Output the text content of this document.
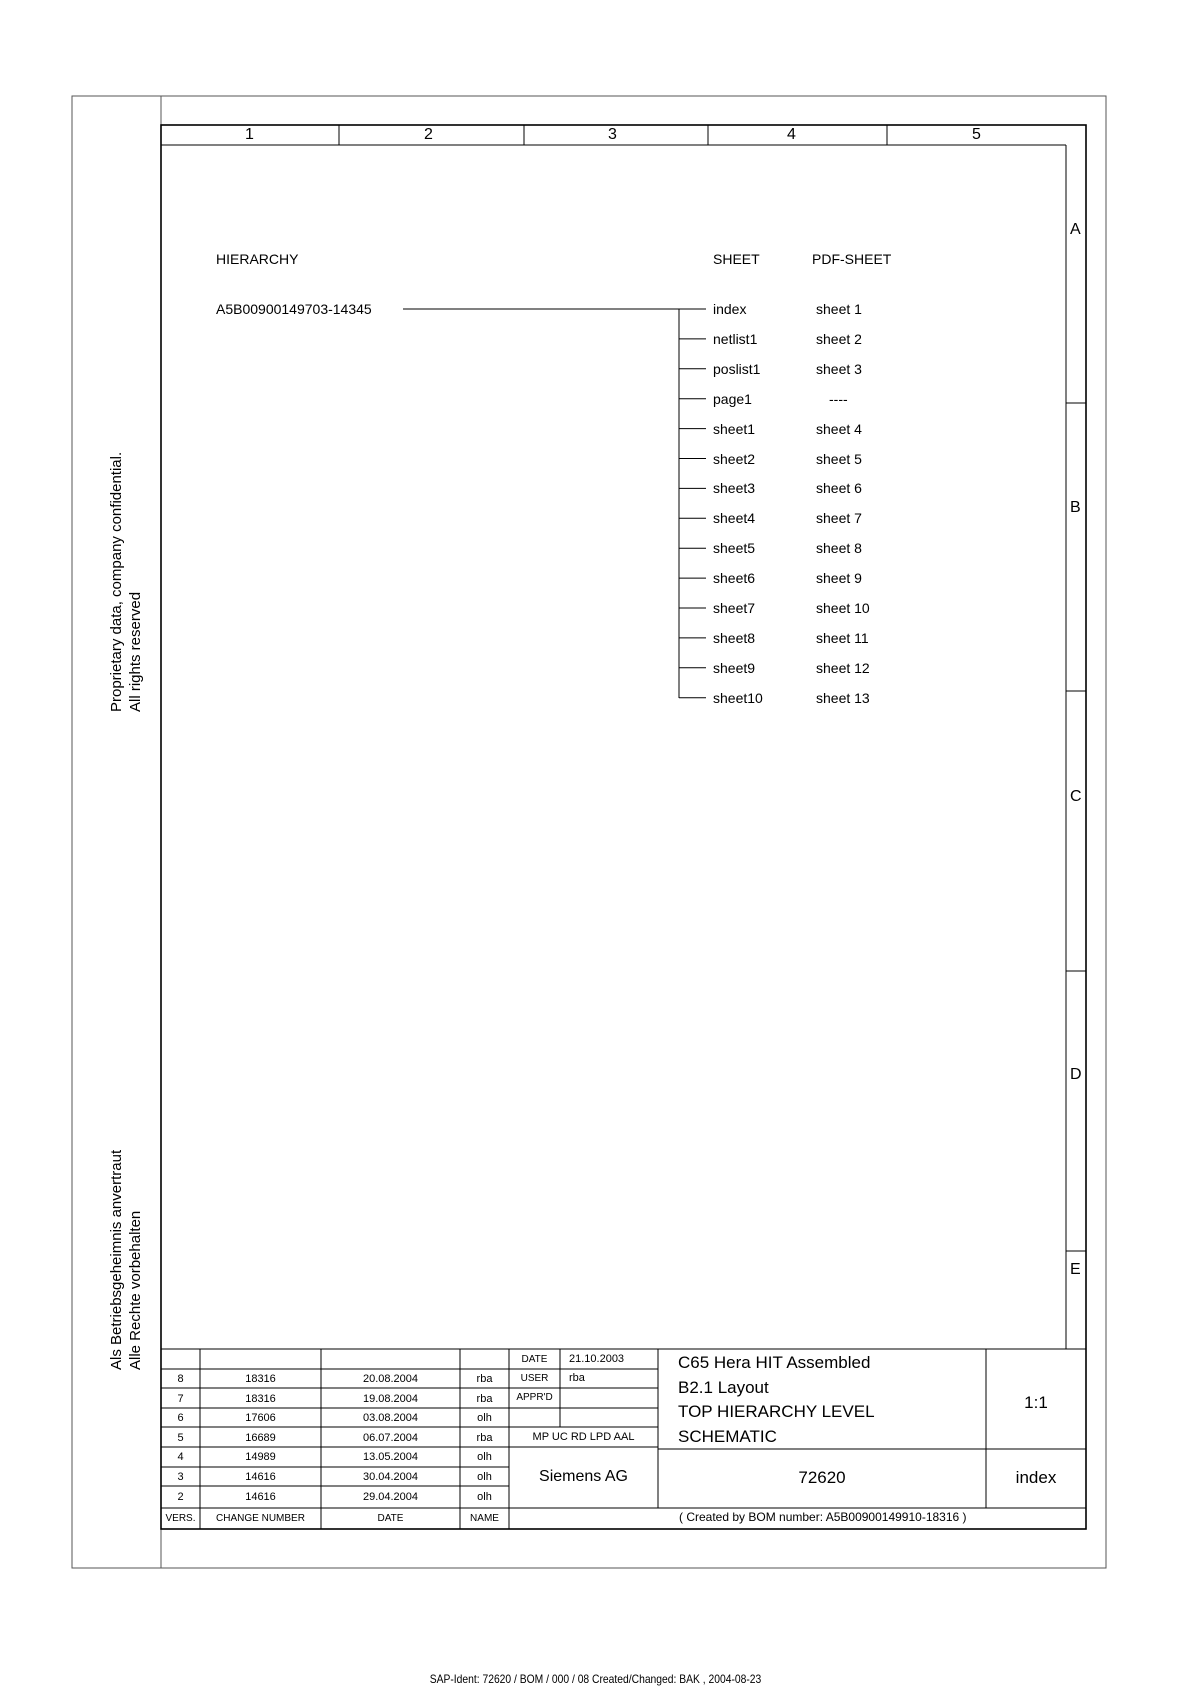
Proprietary data, company confidential. All rights reserved
Als Betriebsgeheimnis anvertraut Alle Rechte vorbehalten
1	2	3	4	5
A
B
C
D
E
HIERARCHY	SHEET	PDF-SHEET
A5B00900149703-14345	index	sheet 1
netlist1	sheet 2
poslist1	sheet 3
page1	----
sheet1	sheet 4
sheet2	sheet 5
sheet3	sheet 6
sheet4	sheet 7
sheet5	sheet 8
sheet6	sheet 9
sheet7	sheet 10
sheet8	sheet 11
sheet9	sheet 12
sheet10	sheet 13
8	18316	20.08.2004	rba
7	18316	19.08.2004	rba
6	17606	03.08.2004	olh
5	16689	06.07.2004	rba
4	14989	13.05.2004	olh
3	14616	30.04.2004	olh
2	14616	29.04.2004	olh
VERS.	CHANGE NUMBER	DATE	NAME
DATE	21.10.2003
USER	rba
APPR'D
MP UC RD LPD AAL
Siemens AG
C65 Hera HIT Assembled
B2.1 Layout
TOP HIERARCHY LEVEL
SCHEMATIC
1:1
72620	index
( Created by BOM number: A5B00900149910-18316 )
SAP-Ident: 72620 / BOM / 000 / 08 Created/Changed: BAK , 2004-08-23
